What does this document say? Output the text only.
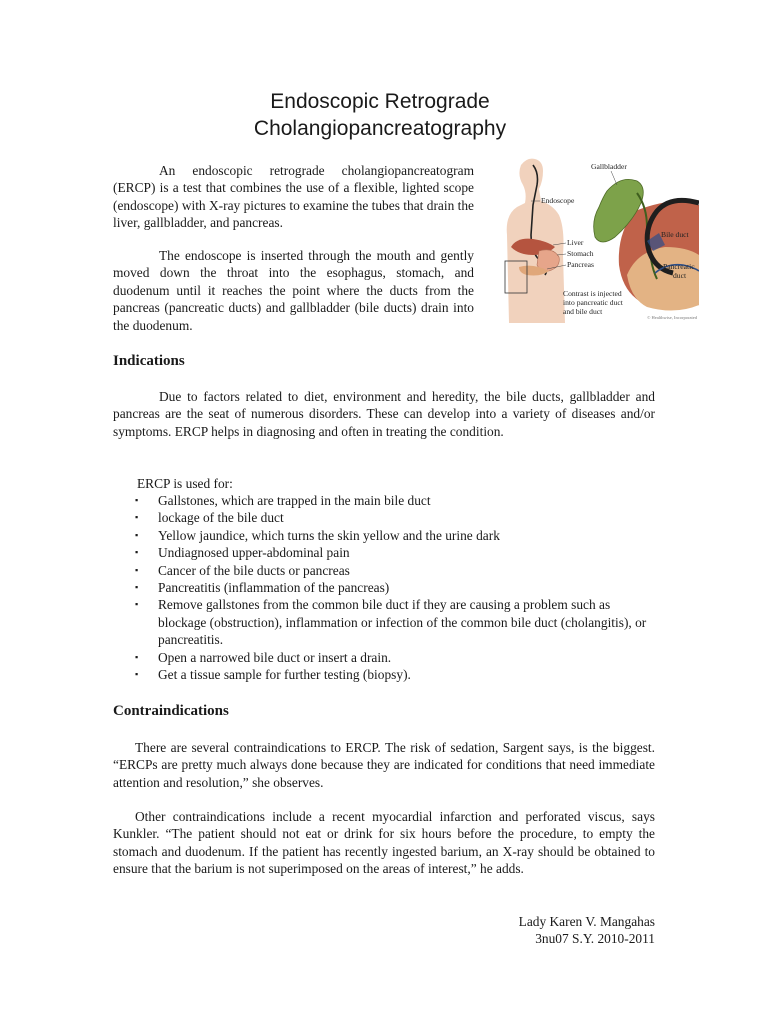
Endoscopic Retrograde
Cholangiopancreatography

An endoscopic retrograde cholangiopancreatogram (ERCP) is a test that combines the use of a flexible, lighted scope (endoscope) with X-ray pictures to examine the tubes that drain the liver, gallbladder, and pancreas.

The endoscope is inserted through the mouth and gently moved down the throat into the esophagus, stomach, and duodenum until it reaches the point where the ducts from the pancreas (pancreatic ducts) and gallbladder (bile ducts) drain into the duodenum.

Endoscope
Gallbladder
Liver
Stomach
Pancreas
Bile duct
Pancreatic
duct
Contrast is injected
into pancreatic duct
and bile duct
© Healthwise, Incorporated
Indications

Due to factors related to diet, environment and heredity, the bile ducts, gallbladder and pancreas are the seat of numerous disorders. These can develop into a variety of diseases and/or symptoms. ERCP helps in diagnosing and often in treating the condition.

ERCP is used for:
▪ Gallstones, which are trapped in the main bile duct
▪ lockage of the bile duct
▪ Yellow jaundice, which turns the skin yellow and the urine dark
▪ Undiagnosed upper-abdominal pain
▪ Cancer of the bile ducts or pancreas
▪ Pancreatitis (inflammation of the pancreas)
▪ Remove gallstones from the common bile duct if they are causing a problem such as blockage (obstruction), inflammation or infection of the common bile duct (cholangitis), or pancreatitis.
▪ Open a narrowed bile duct or insert a drain.
▪ Get a tissue sample for further testing (biopsy).
Contraindications

There are several contraindications to ERCP. The risk of sedation, Sargent says, is the biggest. “ERCPs are pretty much always done because they are indicated for conditions that need immediate attention and resolution,” she observes.

Other contraindications include a recent myocardial infarction and perforated viscus, says Kunkler. “The patient should not eat or drink for six hours before the procedure, to empty the stomach and duodenum. If the patient has recently ingested barium, an X-ray should be obtained to ensure that the barium is not superimposed on the areas of interest,” he adds.

Lady Karen V. Mangahas
3nu07 S.Y. 2010-2011
